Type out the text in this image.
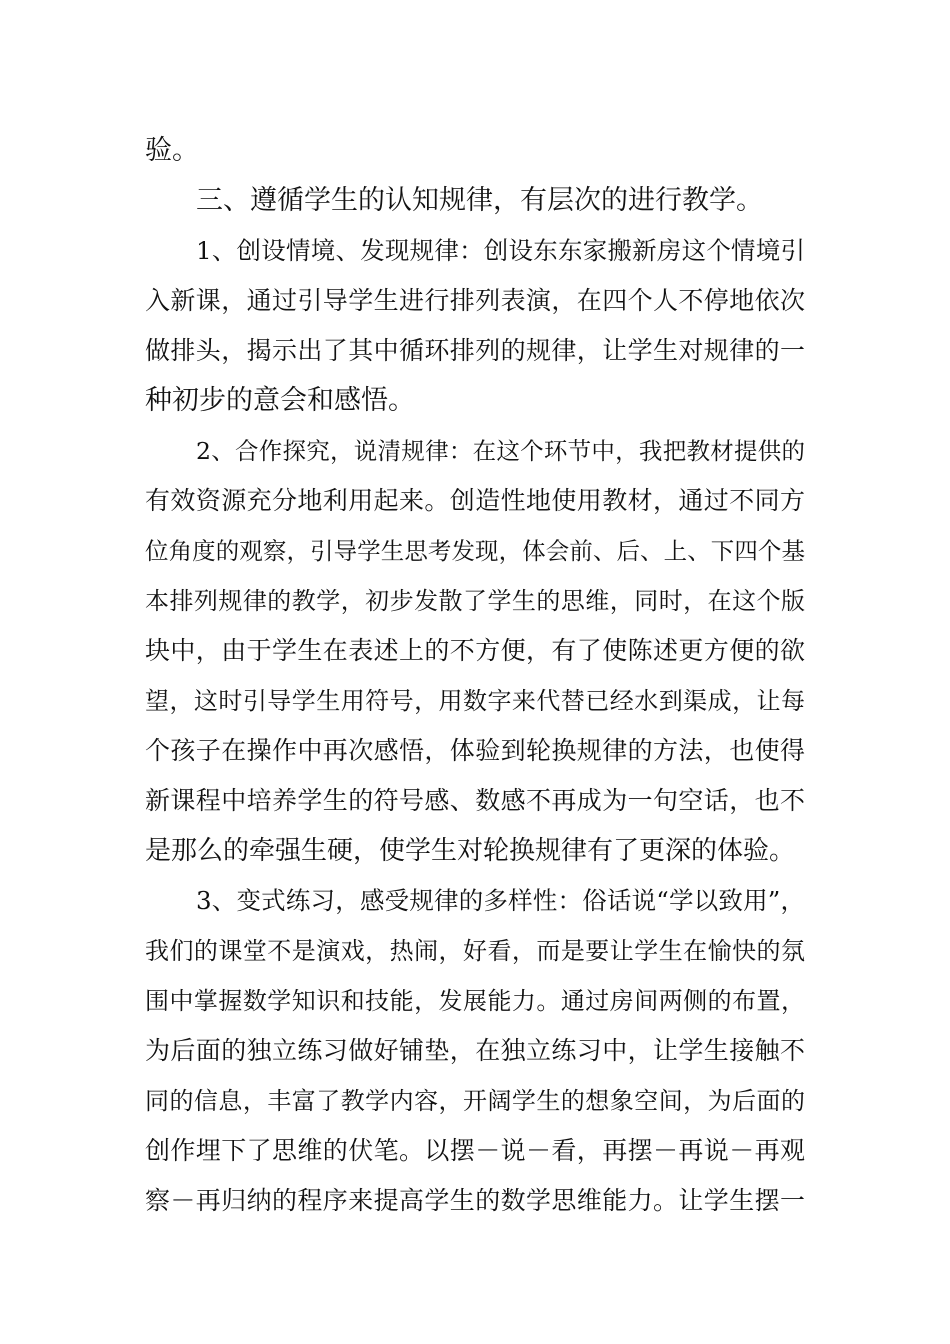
验。
三、遵循学生的认知规律，有层次的进行教学。
1、创设情境、发现规律：创设东东家搬新房这个情境引
入新课，通过引导学生进行排列表演，在四个人不停地依次
做排头，揭示出了其中循环排列的规律，让学生对规律的一
种初步的意会和感悟。
2、合作探究，说清规律：在这个环节中，我把教材提供的
有效资源充分地利用起来。创造性地使用教材，通过不同方
位角度的观察，引导学生思考发现，体会前、后、上、下四个基
本排列规律的教学，初步发散了学生的思维，同时，在这个版
块中，由于学生在表述上的不方便，有了使陈述更方便的欲
望，这时引导学生用符号，用数字来代替已经水到渠成，让每
个孩子在操作中再次感悟，体验到轮换规律的方法，也使得
新课程中培养学生的符号感、数感不再成为一句空话，也不
是那么的牵强生硬，使学生对轮换规律有了更深的体验。
3、变式练习，感受规律的多样性：俗话说“学以致用”，
我们的课堂不是演戏，热闹，好看，而是要让学生在愉快的氛
围中掌握数学知识和技能，发展能力。通过房间两侧的布置，
为后面的独立练习做好铺垫，在独立练习中，让学生接触不
同的信息，丰富了教学内容，开阔学生的想象空间，为后面的
创作埋下了思维的伏笔。以摆－说－看，再摆－再说－再观
察－再归纳的程序来提高学生的数学思维能力。让学生摆一
